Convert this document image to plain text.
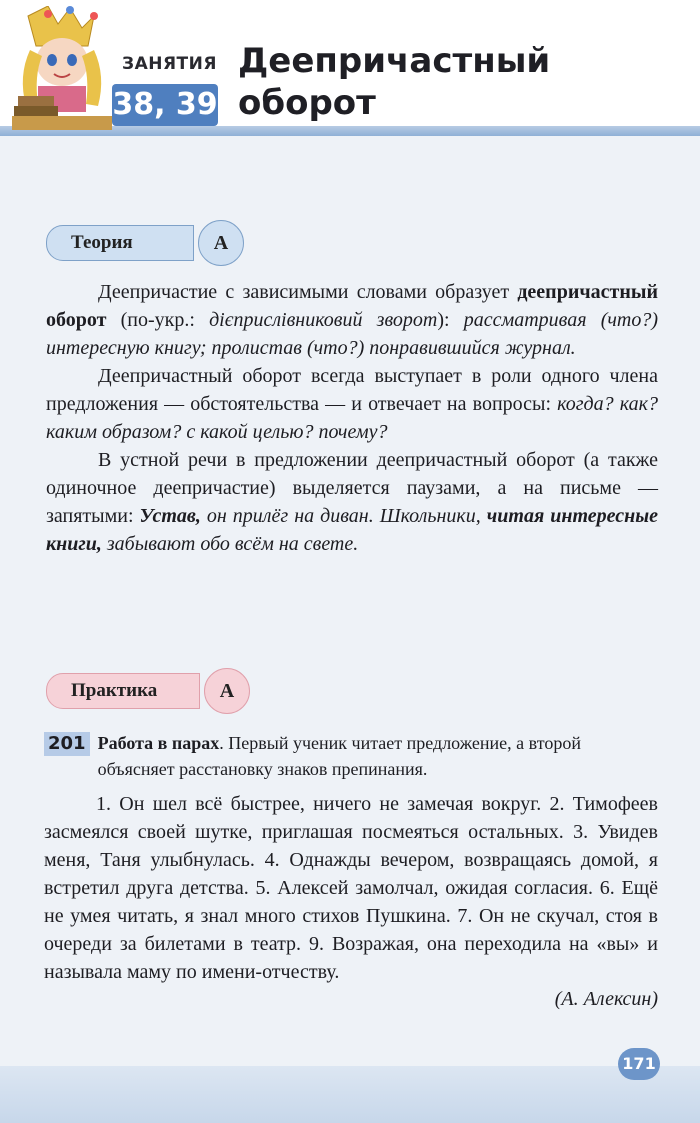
ЗАНЯТИЯ
38, 39
Деепричастный оборот
Теория	А

Деепричастие с зависимыми словами образует деепричастный оборот (по-укр.: дієприслівниковий зворот): рассматривая (что?) интересную книгу; пролистав (что?) понравившийся журнал.

Деепричастный оборот всегда выступает в роли одного члена предложения — обстоятельства — и отвечает на вопросы: когда? как? каким образом? с какой целью? почему?

В устной речи в предложении деепричастный оборот (а также одиночное деепричастие) выделяется паузами, а на письме — запятыми: Устав, он прилёг на диван. Школьники, читая интересные книги, забывают обо всём на свете.

Практика	А
201 Работа в парах. Первый ученик читает предложение, а второй объясняет расстановку знаков препинания.
1. Он шел всё быстрее, ничего не замечая вокруг. 2. Тимофеев засмеялся своей шутке, приглашая посмеяться остальных. 3. Увидев меня, Таня улыбнулась. 4. Однажды вечером, возвращаясь домой, я встретил друга детства. 5. Алексей замолчал, ожидая согласия. 6. Ещё не умея читать, я знал много стихов Пушкина. 7. Он не скучал, стоя в очереди за билетами в театр. 9. Возражая, она переходила на «вы» и называла маму по имени-отчеству.
(А. Алексин)
171
